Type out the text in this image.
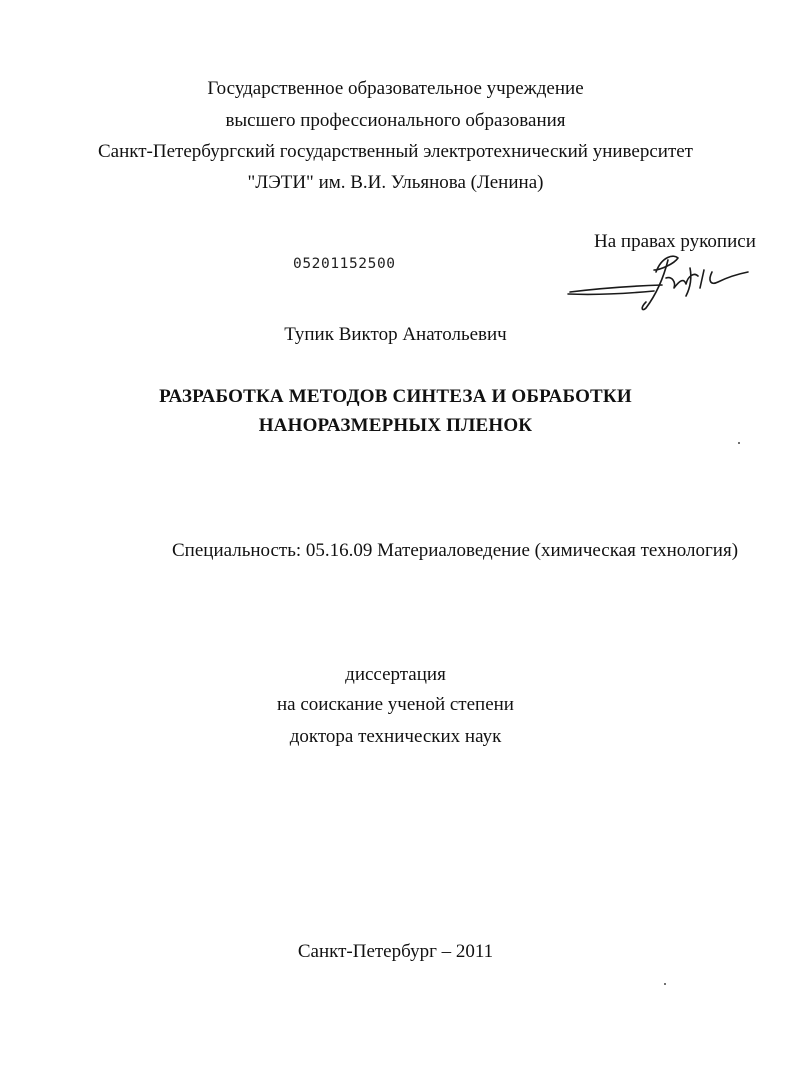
Государственное образовательное учреждение
высшего профессионального образования
Санкт-Петербургский государственный электротехнический университет
"ЛЭТИ" им. В.И. Ульянова (Ленина)
На правах рукописи
05201152500
Тупик Виктор Анатольевич
РАЗРАБОТКА МЕТОДОВ СИНТЕЗА И ОБРАБОТКИ
НАНОРАЗМЕРНЫХ ПЛЕНОК
Специальность: 05.16.09 Материаловедение (химическая технология)
диссертация
на соискание ученой степени
доктора технических наук
Санкт-Петербург – 2011
